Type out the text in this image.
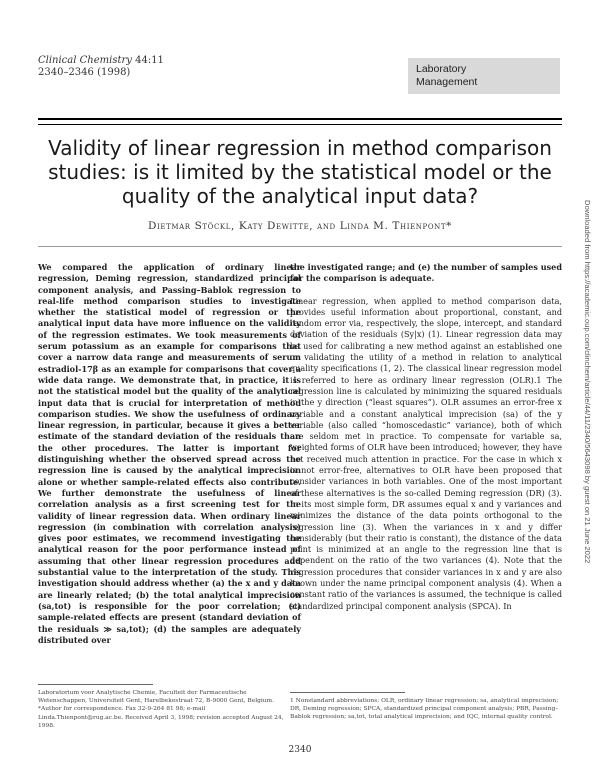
Clinical Chemistry 44:11
2340–2346 (1998)	Laboratory
Management
Validity of linear regression in method comparison studies: is it limited by the statistical model or the quality of the analytical input data?
Dietmar Stöckl, Katy Dewitte, and Linda M. Thienpont*

We compared the application of ordinary linear regression, Deming regression, standardized principal component analysis, and Passing–Bablok regression to real-life method comparison studies to investigate whether the statistical model of regression or the analytical input data have more influence on the validity of the regression estimates. We took measurements of serum potassium as an example for comparisons that cover a narrow data range and measurements of serum estradiol-17β as an example for comparisons that cover a wide data range. We demonstrate that, in practice, it is not the statistical model but the quality of the analytical input data that is crucial for interpretation of method comparison studies. We show the usefulness of ordinary linear regression, in particular, because it gives a better estimate of the standard deviation of the residuals than the other procedures. The latter is important for distinguishing whether the observed spread across the regression line is caused by the analytical imprecision alone or whether sample-related effects also contribute. We further demonstrate the usefulness of linear correlation analysis as a first screening test for the validity of linear regression data. When ordinary linear regression (in combination with correlation analysis) gives poor estimates, we recommend investigating the analytical reason for the poor performance instead of assuming that other linear regression procedures add substantial value to the interpretation of the study. This investigation should address whether (a) the x and y data are linearly related; (b) the total analytical imprecision (sa,tot) is responsible for the poor correlation; (c) sample-related effects are present (standard deviation of the residuals ≫ sa,tot); (d) the samples are adequately distributed over

the investigated range; and (e) the number of samples used for the comparison is adequate.

Linear regression, when applied to method comparison data, provides useful information about proportional, constant, and random error via, respectively, the slope, intercept, and standard deviation of the residuals (Sy|x) (1). Linear regression data may be used for calibrating a new method against an established one or validating the utility of a method in relation to analytical quality specifications (1, 2). The classical linear regression model is referred to here as ordinary linear regression (OLR).1 The regression line is calculated by minimizing the squared residuals in the y direction (“least squares”). OLR assumes an error-free x variable and a constant analytical imprecision (sa) of the y variable (also called “homoscedastic” variance), both of which are seldom met in practice. To compensate for variable sa, weighted forms of OLR have been introduced; however, they have not received much attention in practice. For the case in which x is not error-free, alternatives to OLR have been proposed that consider variances in both variables. One of the most important of these alternatives is the so-called Deming regression (DR) (3). In its most simple form, DR assumes equal x and y variances and minimizes the distance of the data points orthogonal to the regression line (3). When the variances in x and y differ considerably (but their ratio is constant), the distance of the data point is minimized at an angle to the regression line that is dependent on the ratio of the two variances (4). Note that the regression procedures that consider variances in x and y are also known under the name principal component analysis (4). When a constant ratio of the variances is assumed, the technique is called standardized principal component analysis (SPCA). In

Laboratorium voor Analytische Chemie, Faculteit der Farmaceutische Wetenschappen, Universiteit Gent, Harelbekestraat 72, B-9000 Gent, Belgium. *Author for correspondence. Fax 32-9-264 81 98; e-mail Linda.Thienpont@rug.ac.be. Received April 3, 1998; revision accepted August 24, 1998.
1 Nonstandard abbreviations: OLR, ordinary linear regression; sa, analytical imprecision; DR, Deming regression; SPCA, standardized principal component analysis; PBR, Passing–Bablok regression; sa,tot, total analytical imprecision; and IQC, internal quality control.
2340
Downloaded from https://academic.oup.com/clinchem/article/44/11/2340/5643098 by guest on 21 June 2022
